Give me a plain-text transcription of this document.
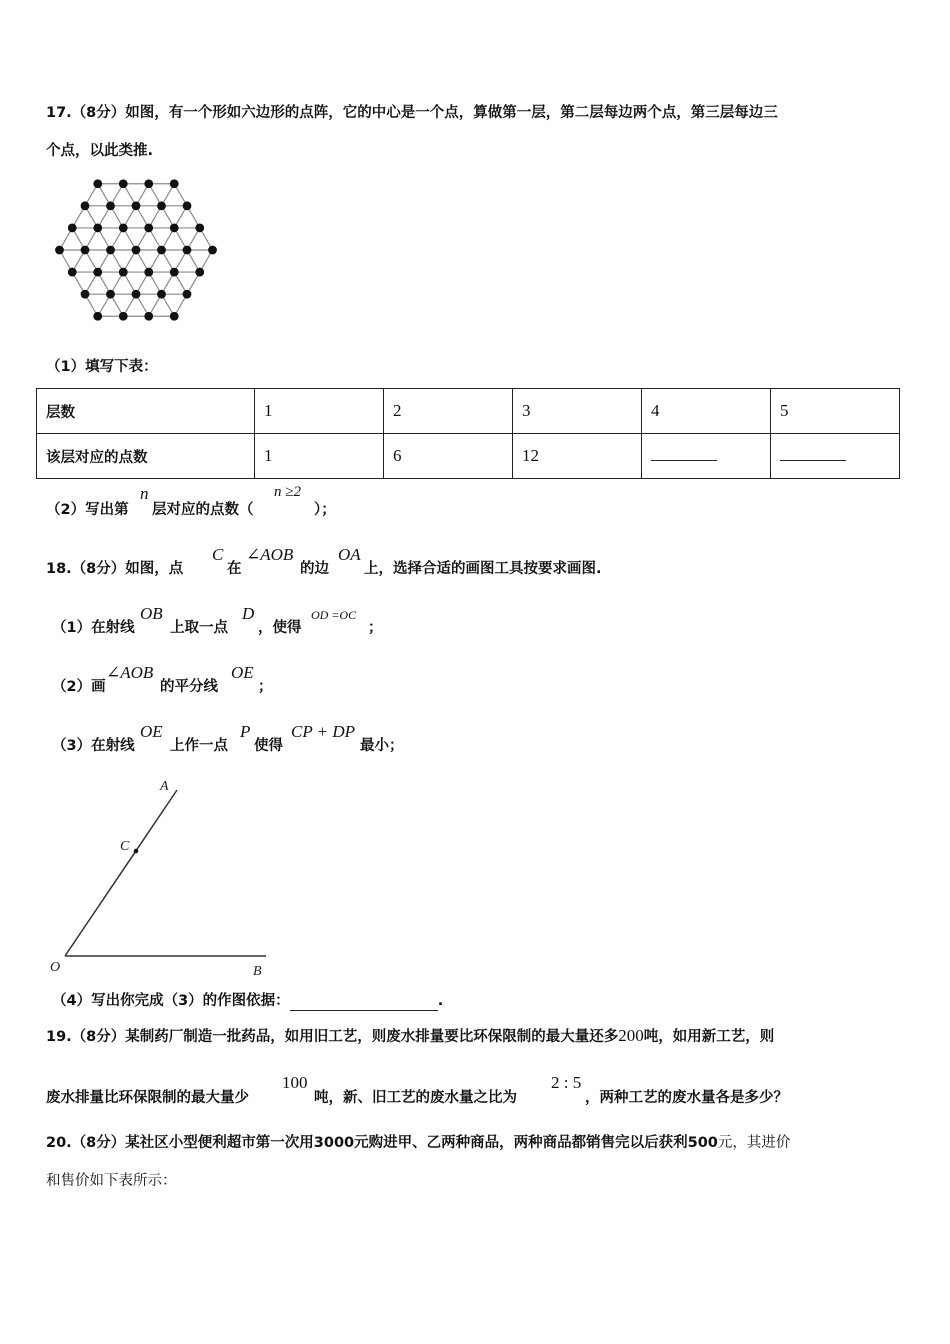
17.（8分）如图，有一个形如六边形的点阵，它的中心是一个点，算做第一层，第二层每边两个点，第三层每边三
个点，以此类推.
（1）填写下表：
层数	1	2	3	4	5
该层对应的点数	1	6	12		
（2）写出第
n
层对应的点数（
n ≥2
）；
18.（8分）如图，点
C
在
∠AOB
的边
OA
上，选择合适的画图工具按要求画图.
（1）在射线
OB
上取一点
D
，使得
OD =OC
；
（2）画
∠AOB
的平分线
OE
；
（3）在射线
OE
上作一点
P
使得
CP + DP
最小；
A
C
O	B
（4）写出你完成（3）的作图依据：	.
19.（8分）某制药厂制造一批药品，如用旧工艺，则废水排量要比环保限制的最大量还多200吨，如用新工艺，则
废水排量比环保限制的最大量少
100
吨，新、旧工艺的废水量之比为
2 : 5
，两种工艺的废水量各是多少？
20.（8分）某社区小型便利超市第一次用3000元购进甲、乙两种商品，两种商品都销售完以后获利500元，其进价
和售价如下表所示：
